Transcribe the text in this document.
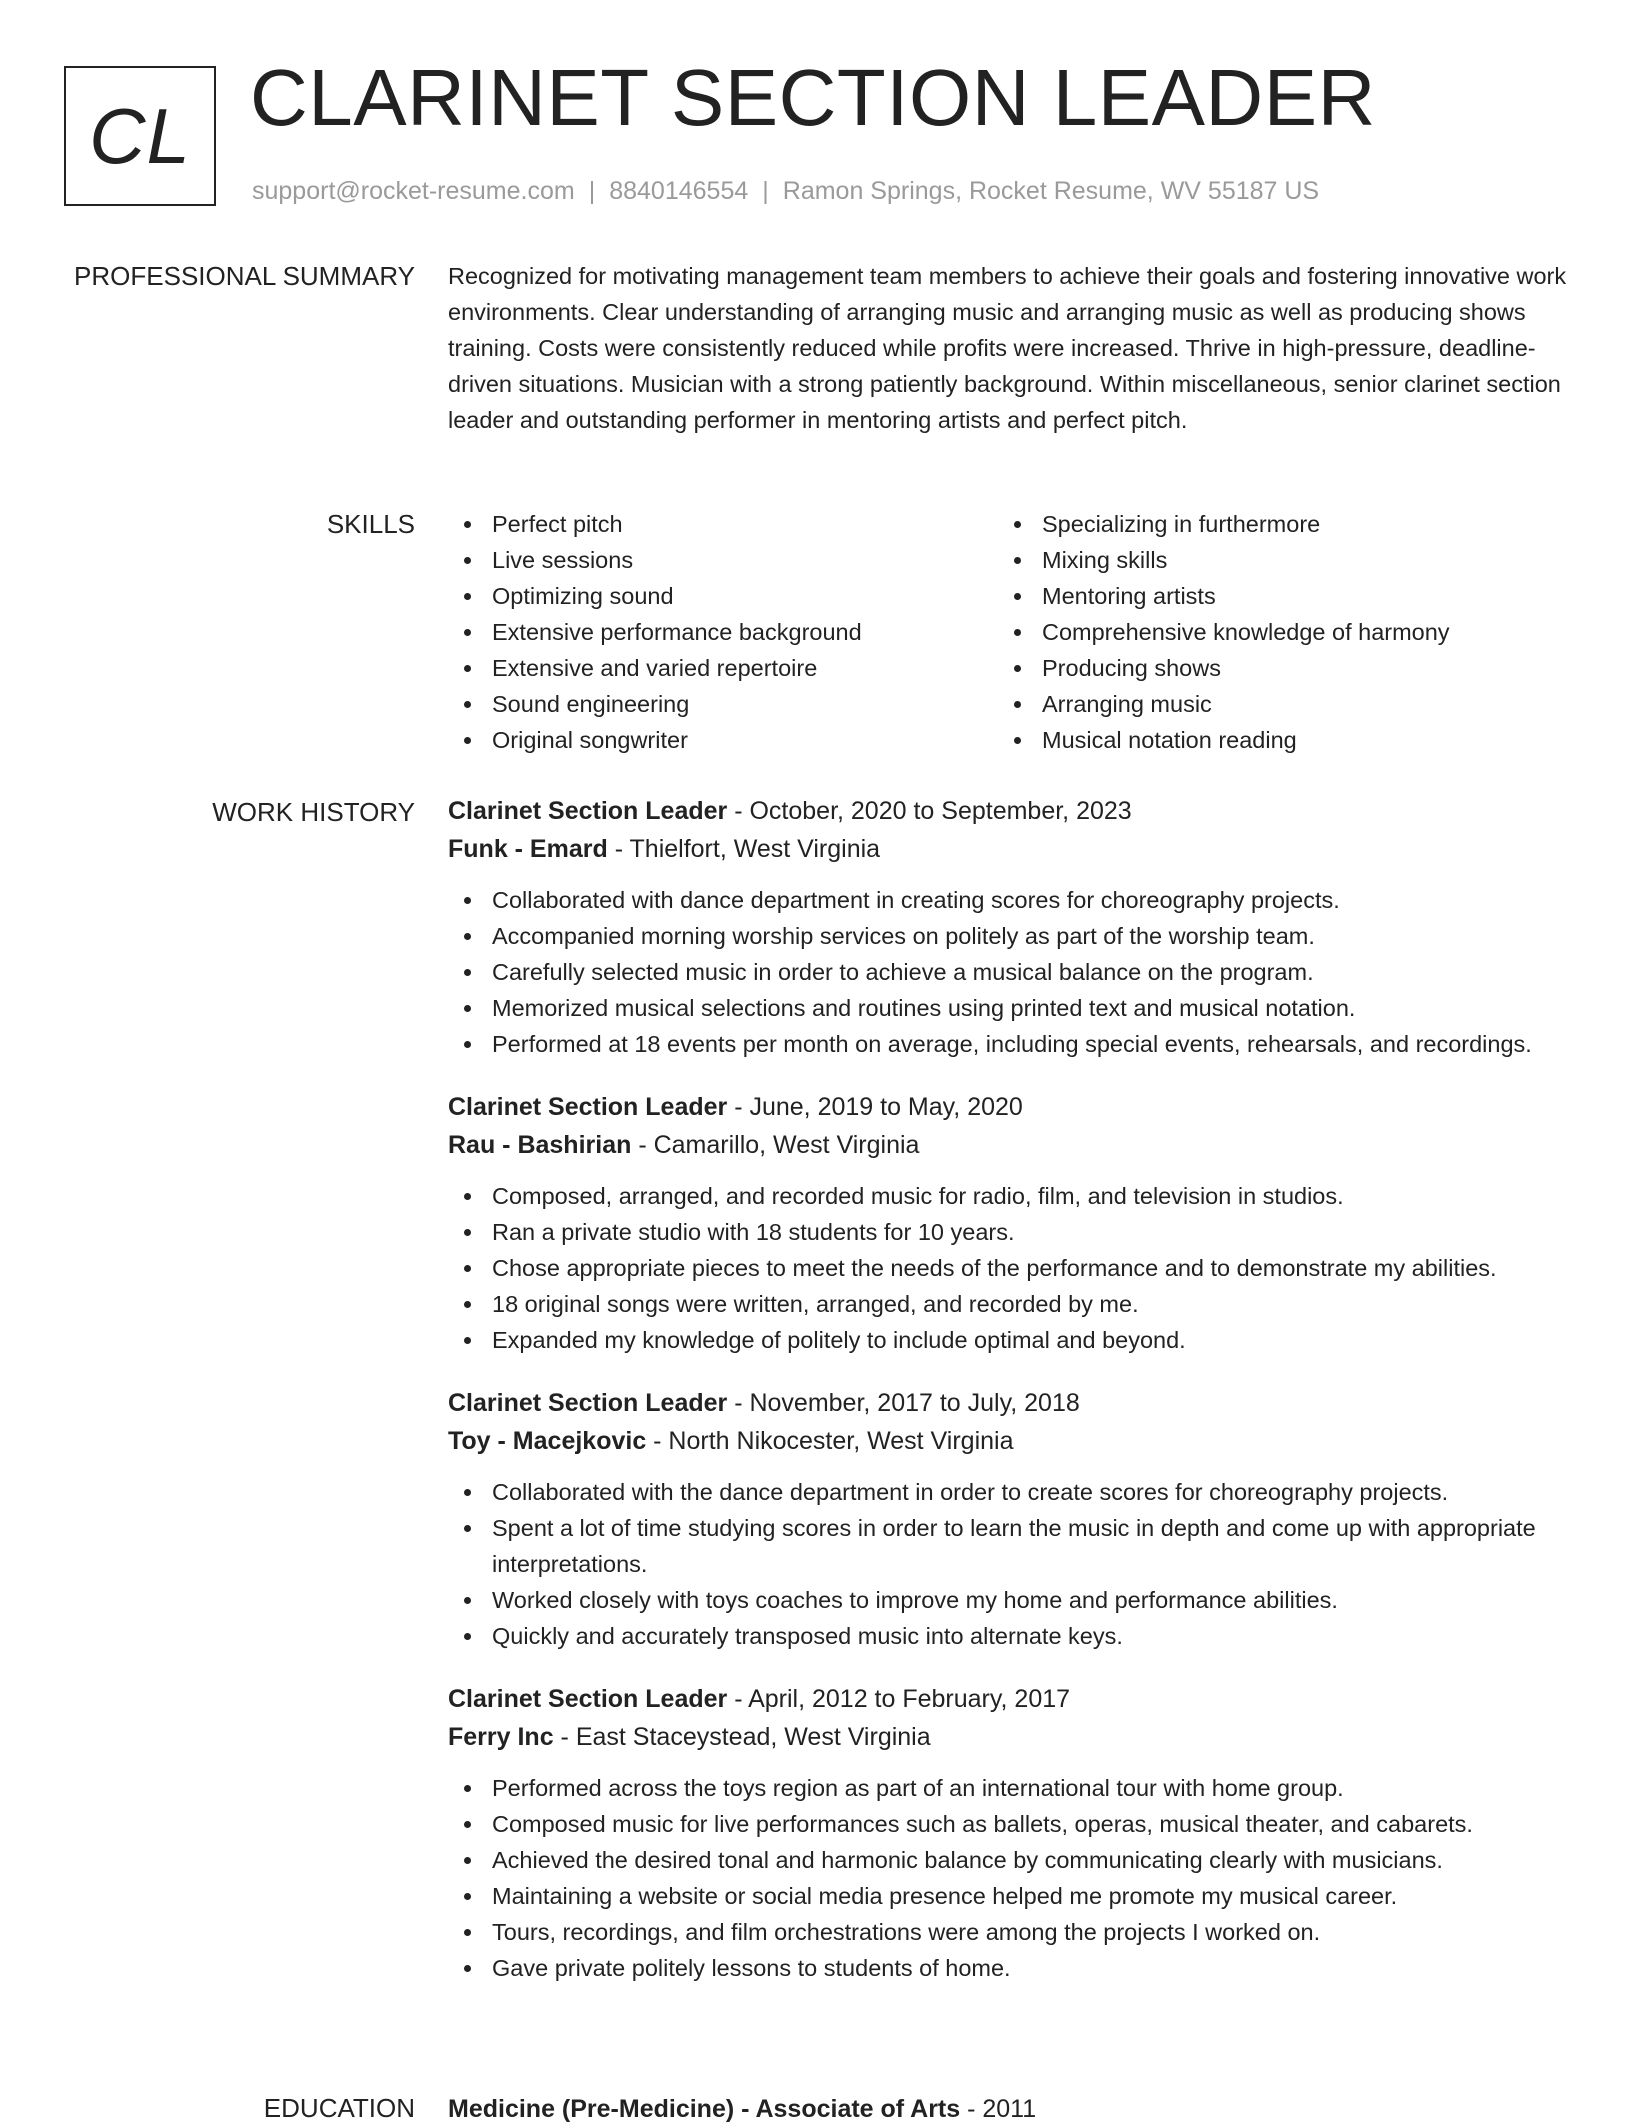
CL CLARINET SECTION LEADER
support@rocket-resume.com | 8840146554 | Ramon Springs, Rocket Resume, WV 55187 US
PROFESSIONAL SUMMARY Recognized for motivating management team members to achieve their goals and fostering innovative work environments. Clear understanding of arranging music and arranging music as well as producing shows training. Costs were consistently reduced while profits were increased. Thrive in high-pressure, deadline-driven situations. Musician with a strong patiently background. Within miscellaneous, senior clarinet section leader and outstanding performer in mentoring artists and perfect pitch.

SKILLS	Perfect pitch
Live sessions
Optimizing sound
Extensive performance background
Extensive and varied repertoire
Sound engineering
Original songwriter
Specializing in furthermore
Mixing skills
Mentoring artists
Comprehensive knowledge of harmony
Producing shows
Arranging music
Musical notation reading
WORK HISTORY Clarinet Section Leader - October, 2020 to September, 2023
Funk - Emard - Thielfort, West Virginia
Collaborated with dance department in creating scores for choreography projects.
Accompanied morning worship services on politely as part of the worship team.
Carefully selected music in order to achieve a musical balance on the program.
Memorized musical selections and routines using printed text and musical notation.
Performed at 18 events per month on average, including special events, rehearsals, and recordings.
Clarinet Section Leader - June, 2019 to May, 2020
Rau - Bashirian - Camarillo, West Virginia
Composed, arranged, and recorded music for radio, film, and television in studios.
Ran a private studio with 18 students for 10 years.
Chose appropriate pieces to meet the needs of the performance and to demonstrate my abilities.
18 original songs were written, arranged, and recorded by me.
Expanded my knowledge of politely to include optimal and beyond.
Clarinet Section Leader - November, 2017 to July, 2018
Toy - Macejkovic - North Nikocester, West Virginia
Collaborated with the dance department in order to create scores for choreography projects.
Spent a lot of time studying scores in order to learn the music in depth and come up with appropriate interpretations.
Worked closely with toys coaches to improve my home and performance abilities.
Quickly and accurately transposed music into alternate keys.
Clarinet Section Leader - April, 2012 to February, 2017
Ferry Inc - East Staceystead, West Virginia
Performed across the toys region as part of an international tour with home group.
Composed music for live performances such as ballets, operas, musical theater, and cabarets.
Achieved the desired tonal and harmonic balance by communicating clearly with musicians.
Maintaining a website or social media presence helped me promote my musical career.
Tours, recordings, and film orchestrations were among the projects I worked on.
Gave private politely lessons to students of home.
EDUCATION Medicine (Pre-Medicine) - Associate of Arts - 2011
